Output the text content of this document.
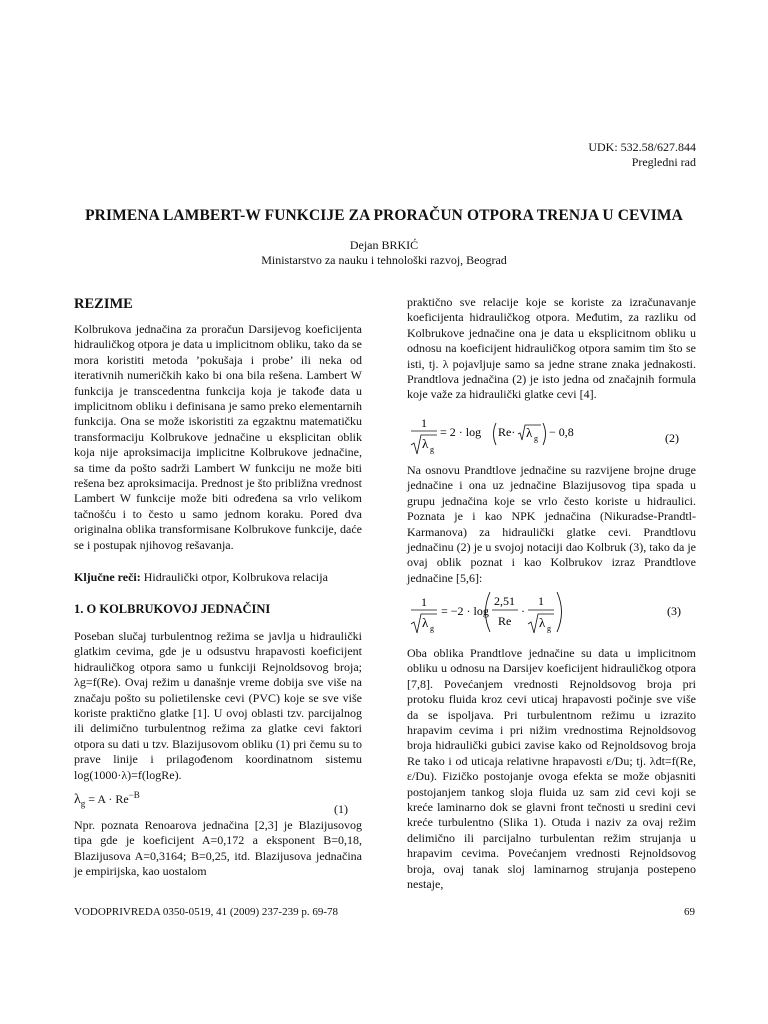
UDK: 532.58/627.844
Pregledni rad
PRIMENA LAMBERT-W FUNKCIJE ZA PRORAČUN OTPORA TRENJA U CEVIMA
Dejan BRKIĆ
Ministarstvo za nauku i tehnološki razvoj, Beograd
REZIME

Kolbrukova jednačina za proračun Darsijevog koeficijenta hidrauličkog otpora je data u implicitnom obliku, tako da se mora koristiti metoda ’pokušaja i probe’ ili neka od iterativnih numeričkih kako bi ona bila rešena. Lambert W funkcija je transcedentna funkcija koja je takođe data u implicitnom obliku i definisana je samo preko elementarnih funkcija. Ona se može iskoristiti za egzaktnu matematičku transformaciju Kolbrukove jednačine u eksplicitan oblik koja nije aproksimacija implicitne Kolbrukove jednačine, sa time da pošto sadrži Lambert W funkciju ne može biti rešena bez aproksimacija. Prednost je što približna vrednost Lambert W funkcije može biti određena sa vrlo velikom tačnošću i to često u samo jednom koraku. Pored dva originalna oblika transformisane Kolbrukove funkcije, daće se i postupak njihovog rešavanja.

Ključne reči: Hidraulički otpor, Kolbrukova relacija
1. O KOLBRUKOVOJ JEDNAČINI

Poseban slučaj turbulentnog režima se javlja u hidraulički glatkim cevima, gde je u odsustvu hrapavosti koeficijent hidrauličkog otpora samo u funkciji Rejnoldsovog broja; λg=f(Re). Ovaj režim u današnje vreme dobija sve više na značaju pošto su polietilenske cevi (PVC) koje se sve više koriste praktično glatke [1]. U ovoj oblasti tzv. parcijalnog ili delimično turbulentnog režima za glatke cevi faktori otpora su dati u tzv. Blazijusovom obliku (1) pri čemu su to prave linije i prilagođenom koordinatnom sistemu log(1000·λ)=f(logRe).

$\lambda_g = A \cdot Re^{-B}$
(1)

Npr. poznata Renoarova jednačina [2,3] je Blazijusovog tipa gde je koeficijent A=0,172 a eksponent B=0,18, Blazijusova A=0,3164; B=0,25, itd. Blazijusova jednačina je empirijska, kao uostalom

praktično sve relacije koje se koriste za izračunavanje koeficijenta hidrauličkog otpora. Međutim, za razliku od Kolbrukove jednačine ona je data u eksplicitnom obliku u odnosu na koeficijent hidrauličkog otpora samim tim što se isti, tj. λ pojavljuje samo sa jedne strane znaka jednakosti. Prandtlova jednačina (2) je isto jedna od značajnih formula koje važe za hidraulički glatke cevi [4].

1
λ g
= 2 · log Re· λ g − 0,8	(2)

Na osnovu Prandtlove jednačine su razvijene brojne druge jednačine i ona uz jednačine Blazijusovog tipa spada u grupu jednačina koje se vrlo često koriste u hidraulici. Poznata je i kao NPK jednačina (Nikuradse-Prandtl-Karmanova) za hidraulički glatke cevi. Prandtlovu jednačinu (2) je u svojoj notaciji dao Kolbruk (3), tako da je ovaj oblik poznat i kao Kolbrukov izraz Prandtlove jednačine [5,6]:

1
λ g
= −2 · log
2,51
Re
·
1
λ g
(3)

Oba oblika Prandtlove jednačine su data u implicitnom obliku u odnosu na Darsijev koeficijent hidrauličkog otpora [7,8]. Povećanjem vrednosti Rejnoldsovog broja pri protoku fluida kroz cevi uticaj hrapavosti počinje sve više da se ispoljava. Pri turbulentnom režimu u izrazito hrapavim cevima i pri nižim vrednostima Rejnoldsovog broja hidraulički gubici zavise kako od Rejnoldsovog broja Re tako i od uticaja relativne hrapavosti ε/Du; tj. λdt=f(Re, ε/Du). Fizičko postojanje ovoga efekta se može objasniti postojanjem tankog sloja fluida uz sam zid cevi koji se kreće laminarno dok se glavni front tečnosti u sredini cevi kreće turbulentno (Slika 1). Otuda i naziv za ovaj režim delimično ili parcijalno turbulentan režim strujanja u hrapavim cevima. Povećanjem vrednosti Rejnoldsovog broja, ovaj tanak sloj laminarnog strujanja postepeno nestaje,

VODOPRIVREDA 0350-0519, 41 (2009) 237-239 p. 69-78	69
